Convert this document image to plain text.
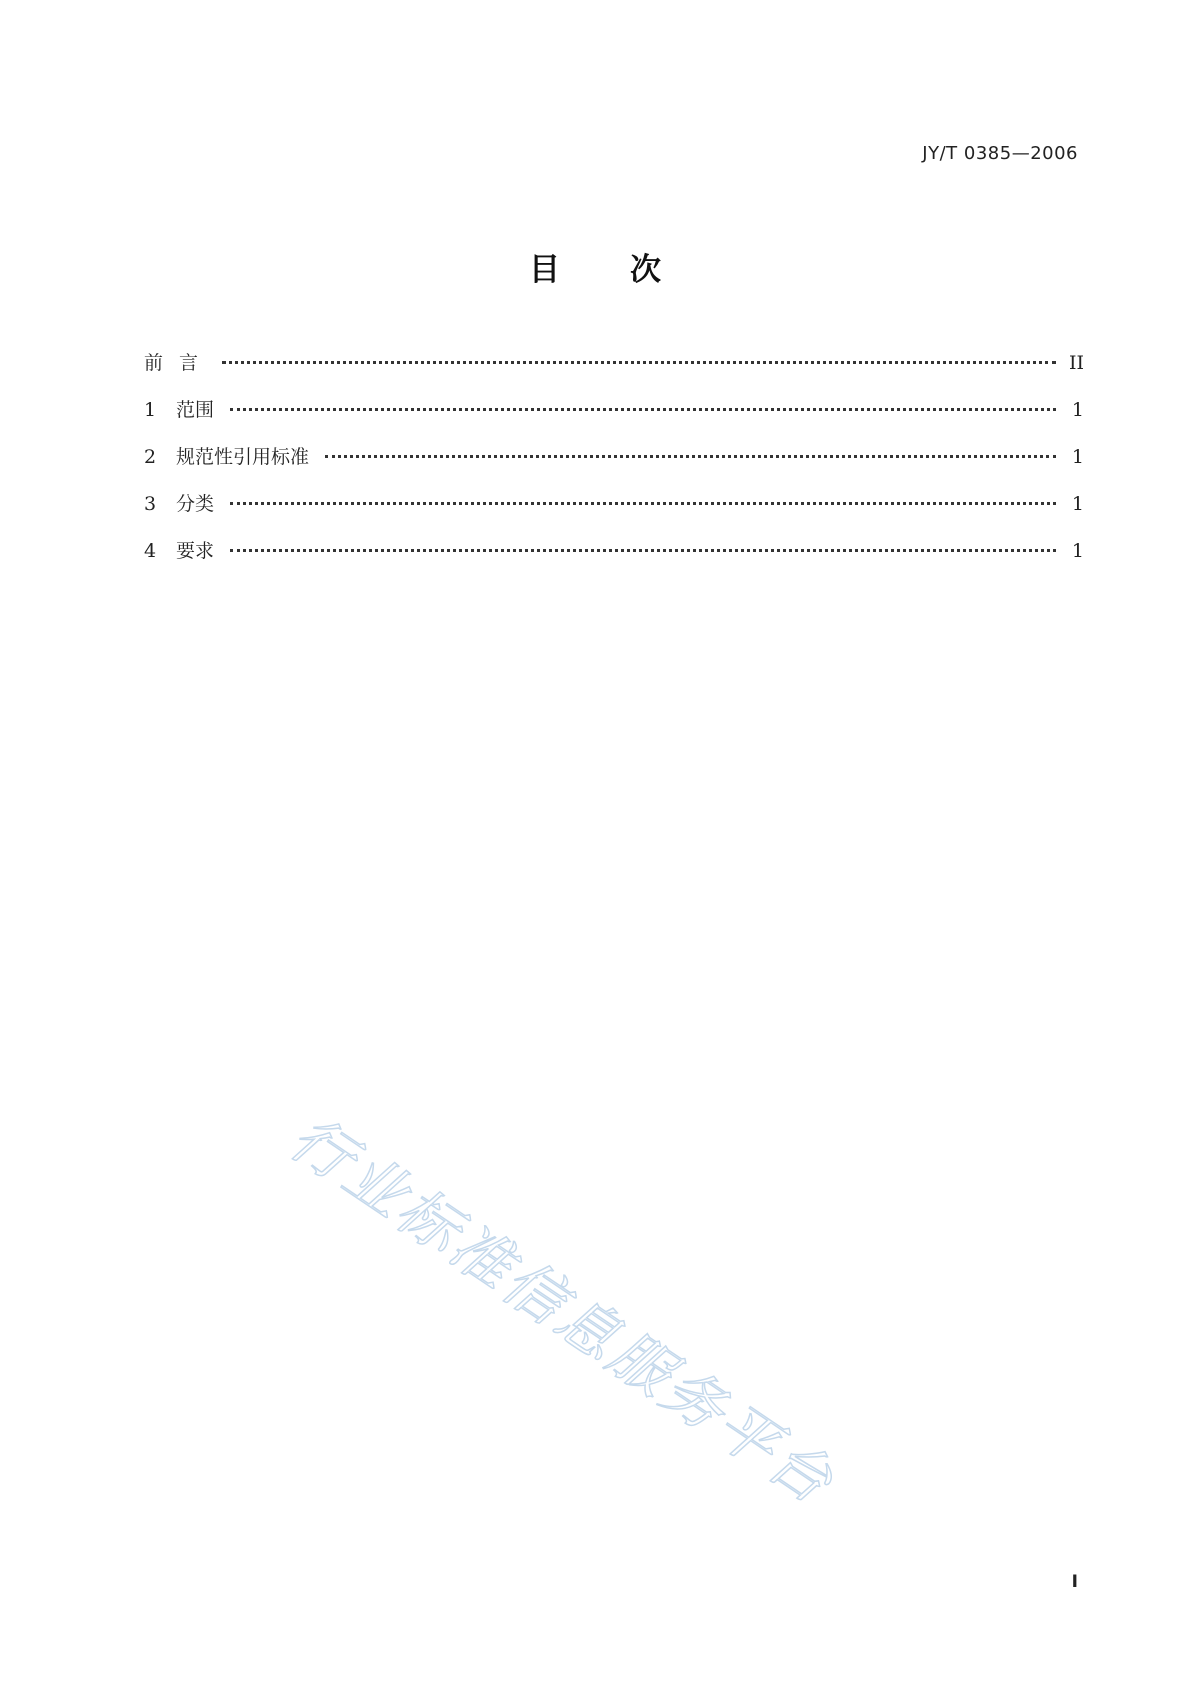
JY/T 0385—2006
目 次
前言	II
1	范围	1
2	规范性引用标准	1
3	分类	1
4	要求	1
行业标准信息服务平台
I
